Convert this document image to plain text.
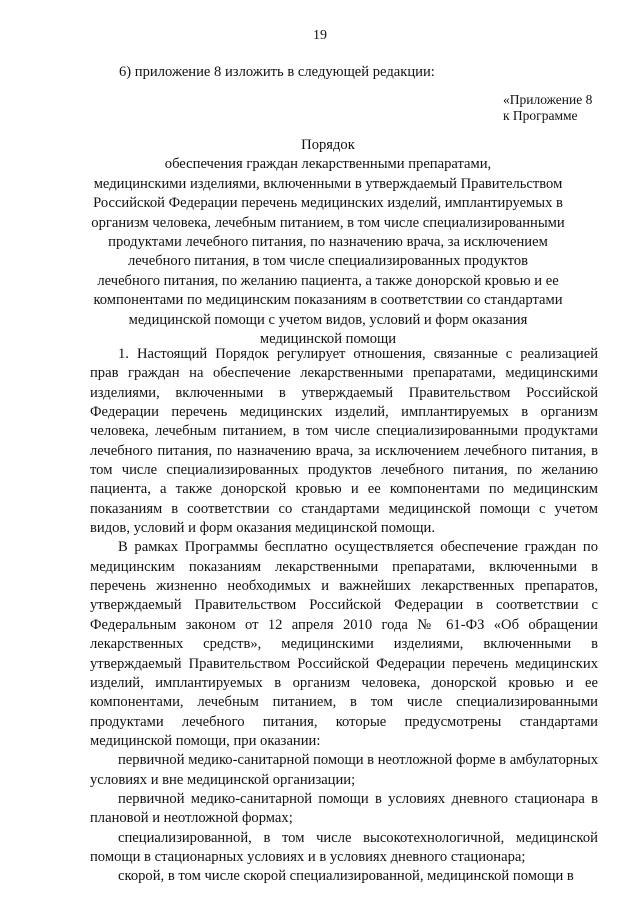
19
6) приложение 8 изложить в следующей редакции:
«Приложение 8
к Программе
Порядок
обеспечения граждан лекарственными препаратами,
медицинскими изделиями, включенными в утверждаемый Правительством
Российской Федерации перечень медицинских изделий, имплантируемых в
организм человека, лечебным питанием, в том числе специализированными
продуктами лечебного питания, по назначению врача, за исключением
лечебного питания, в том числе специализированных продуктов
лечебного питания, по желанию пациента, а также донорской кровью и ее
компонентами по медицинским показаниям в соответствии со стандартами
медицинской помощи с учетом видов, условий и форм оказания
медицинской помощи

1. Настоящий Порядок регулирует отношения, связанные с реализацией прав граждан на обеспечение лекарственными препаратами, медицинскими изделиями, включенными в утверждаемый Правительством Российской Федерации перечень медицинских изделий, имплантируемых в организм человека, лечебным питанием, в том числе специализированными продуктами лечебного питания, по назначению врача, за исключением лечебного питания, в том числе специализированных продуктов лечебного питания, по желанию пациента, а также донорской кровью и ее компонентами по медицинским показаниям в соответствии со стандартами медицинской помощи с учетом видов, условий и форм оказания медицинской помощи.

В рамках Программы бесплатно осуществляется обеспечение граждан по медицинским показаниям лекарственными препаратами, включенными в перечень жизненно необходимых и важнейших лекарственных препаратов, утверждаемый Правительством Российской Федерации в соответствии с Федеральным законом от 12 апреля 2010 года № 61-ФЗ «Об обращении лекарственных средств», медицинскими изделиями, включенными в утверждаемый Правительством Российской Федерации перечень медицинских изделий, имплантируемых в организм человека, донорской кровью и ее компонентами, лечебным питанием, в том числе специализированными продуктами лечебного питания, которые предусмотрены стандартами медицинской помощи, при оказании:

первичной медико-санитарной помощи в неотложной форме в амбулаторных условиях и вне медицинской организации;

первичной медико-санитарной помощи в условиях дневного стационара в плановой и неотложной формах;

специализированной, в том числе высокотехнологичной, медицинской помощи в стационарных условиях и в условиях дневного стационара;

скорой, в том числе скорой специализированной, медицинской помощи в
